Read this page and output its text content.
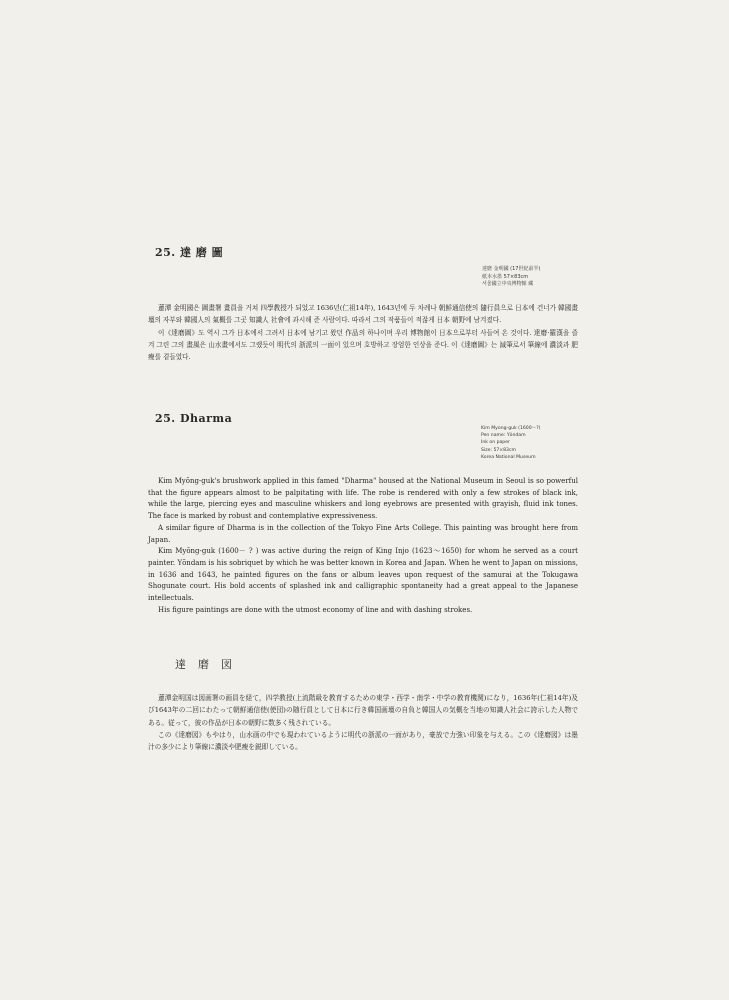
25. 達 磨 圖
達磨 金明國 (17世紀前半)
紙本水墨 57×83cm
서울國立中央博物館 藏

蓮潭 金明國은 圖畫署 畫員을 거쳐 四學教授가 되었고 1636년(仁祖14年), 1643년에 두 차례나 朝鮮通信使의 隨行員으로 日本에 건너가 韓國畫壇의 자부와 韓國人의 氣概를 그곳 知識人 社會에 과시해 준 사람이다. 따라서 그의 작품들이 적잖게 日本 朝野에 남겨졌다.

이《達磨圖》도 역시 그가 日本에서 그려서 日本에 남기고 왔던 作品의 하나이며 우리 博物館이 日本으로부터 사들여 온 것이다. 達磨·羅漢을 즐겨 그린 그의 畫風은 山水畫에서도 그랬듯이 明代의 浙派의 一面이 있으며 호방하고 장엄한 인상을 준다. 이《達磨圖》는 減筆로서 筆線에 濃淡과 肥瘦를 곁들였다.

25. Dharma
Kim Myong-guk (1600～?)
Pen name: Yŏndam
Ink on paper
Size: 57×83cm
Korea National Museum

Kim Myŏng-guk's brushwork applied in this famed "Dharma" housed at the National Museum in Seoul is so powerful that the figure appears almost to be palpitating with life. The robe is rendered with only a few strokes of black ink, while the large, piercing eyes and masculine whiskers and long eyebrows are presented with grayish, fluid ink tones. The face is marked by robust and contemplative expressiveness.

A similar figure of Dharma is in the collection of the Tokyo Fine Arts College. This painting was brought here from Japan.

Kim Myŏng-guk (1600－ ? ) was active during the reign of King Injo (1623～1650) for whom he served as a court painter. Yŏndam is his sobriquet by which he was better known in Korea and Japan. When he went to Japan on missions, in 1636 and 1643, he painted figures on the fans or album leaves upon request of the samurai at the Tokugawa Shogunate court. His bold accents of splashed ink and calligraphic spontaneity had a great appeal to the Japanese intellectuals.

His figure paintings are done with the utmost economy of line and with dashing strokes.

達　磨　図

蓮潭金明国は図画署の画員を経て，四学教授(上流階級を教育するための東学・西学・南学・中学の教育機関)になり，1636年(仁祖14年)及び1643年の二回にわたって朝鮮通信使(使団)の随行員として日本に行き韓国画壇の自負と韓国人の気概を当地の知識人社会に誇示した人物である。従って，彼の作品が日本の朝野に数多く残されている。

この《達磨図》もやはり，山水画の中でも現われているように明代の浙派の一面があり，豪放で力強い印象を与える。この《達磨図》は墨汁の多少により筆線に濃淡や肥瘦を鋭即している。
